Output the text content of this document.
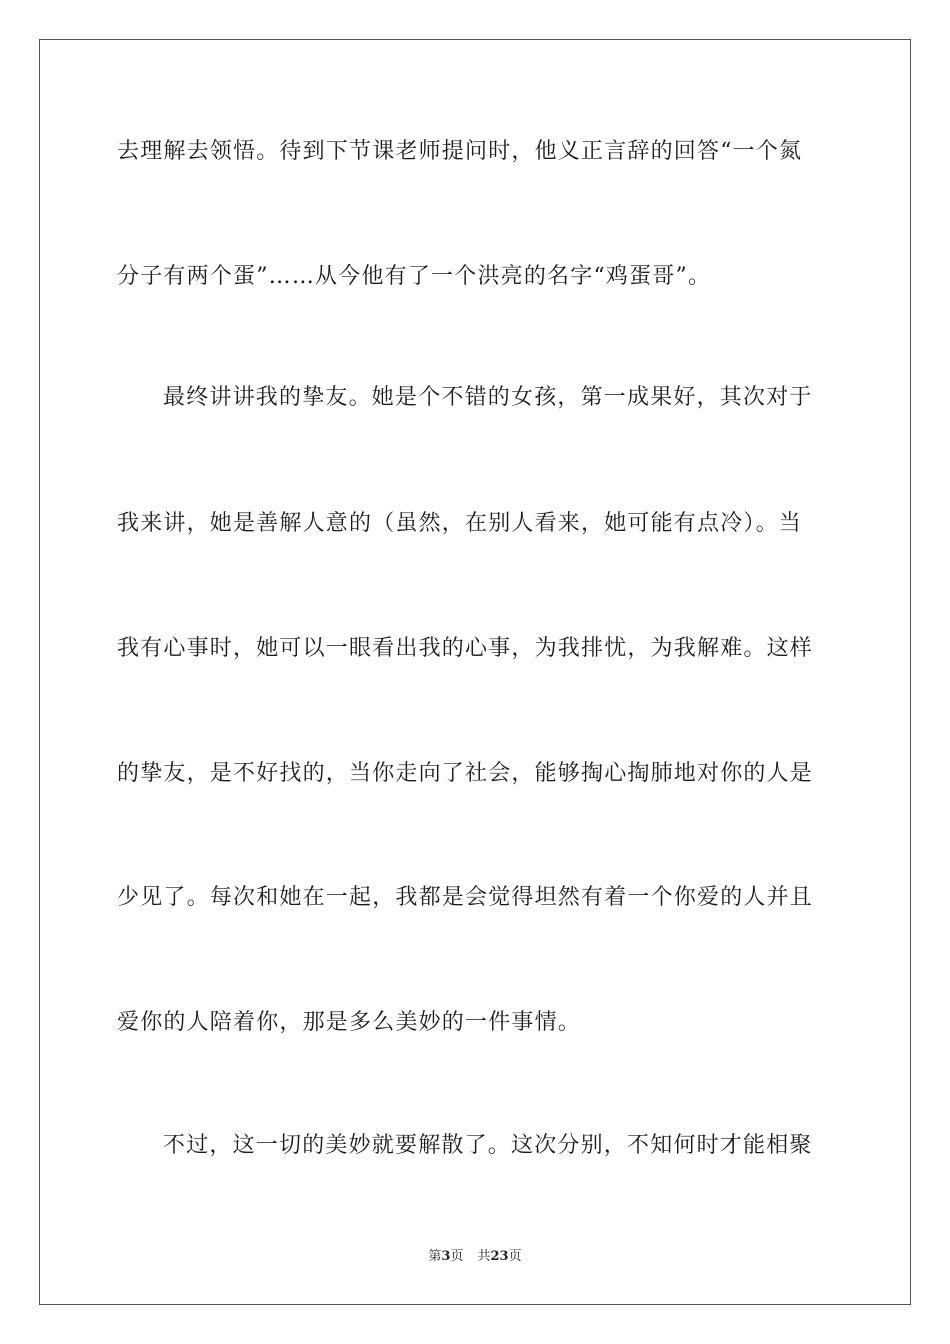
去理解去领悟。待到下节课老师提问时，他义正言辞的回答“一个氮
分子有两个蛋”……从今他有了一个洪亮的名字“鸡蛋哥”。
最终讲讲我的挚友。她是个不错的女孩，第一成果好，其次对于
我来讲，她是善解人意的（虽然，在别人看来，她可能有点冷）。当
我有心事时，她可以一眼看出我的心事，为我排忧，为我解难。这样
的挚友，是不好找的，当你走向了社会，能够掏心掏肺地对你的人是
少见了。每次和她在一起，我都是会觉得坦然有着一个你爱的人并且
爱你的人陪着你，那是多么美妙的一件事情。
不过，这一切的美妙就要解散了。这次分别，不知何时才能相聚
第3页 共23页
